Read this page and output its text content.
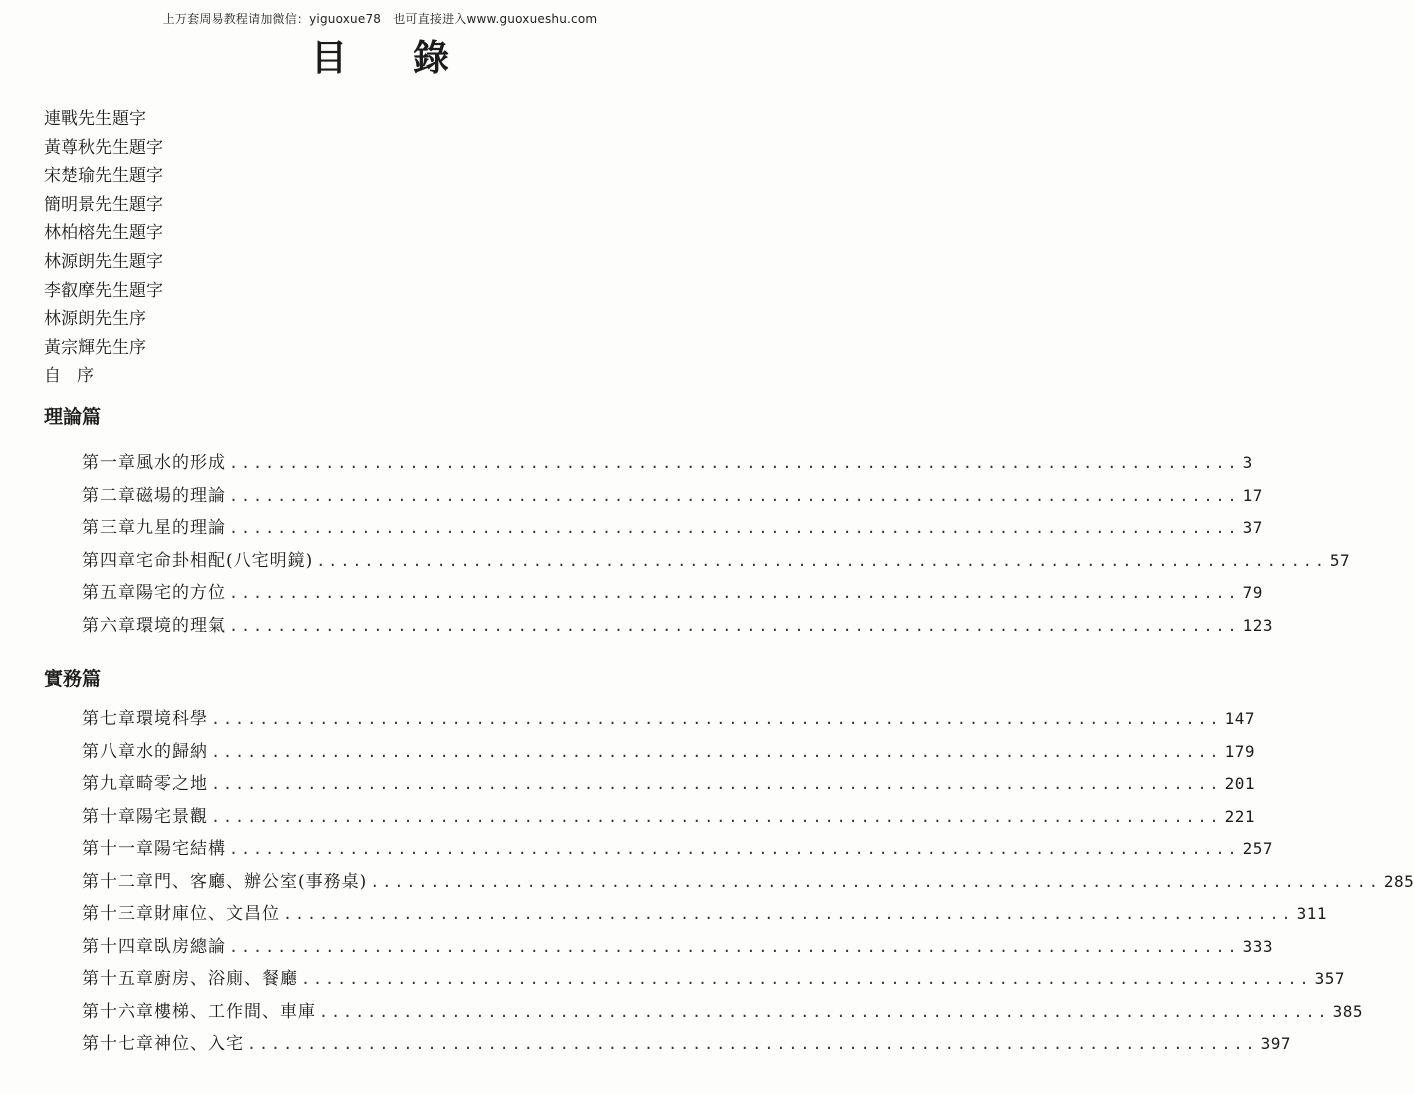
上万套周易教程请加微信：yiguoxue78　也可直接进入www.guoxueshu.com
目錄
連戰先生題字
黃尊秋先生題字
宋楚瑜先生題字
簡明景先生題字
林柏榕先生題字
林源朗先生題字
李叡摩先生題字
林源朗先生序
黃宗輝先生序
自序
理論篇
第一章 風水的形成 .................................................................................... 3
第二章 磁場的理論 .................................................................................... 17
第三章 九星的理論 .................................................................................... 37
第四章 宅命卦相配(八宅明鏡) .................................................................................... 57
第五章 陽宅的方位 .................................................................................... 79
第六章 環境的理氣 .................................................................................... 123
實務篇
第七章 環境科學 .................................................................................... 147
第八章 水的歸納 .................................................................................... 179
第九章 畸零之地 .................................................................................... 201
第十章 陽宅景觀 .................................................................................... 221
第十一章 陽宅結構 .................................................................................... 257
第十二章 門、客廳、辦公室(事務桌) .................................................................................... 285
第十三章 財庫位、文昌位 .................................................................................... 311
第十四章 臥房總論 .................................................................................... 333
第十五章 廚房、浴廁、餐廳 .................................................................................... 357
第十六章 樓梯、工作間、車庫 .................................................................................... 385
第十七章 神位、入宅 .................................................................................... 397
